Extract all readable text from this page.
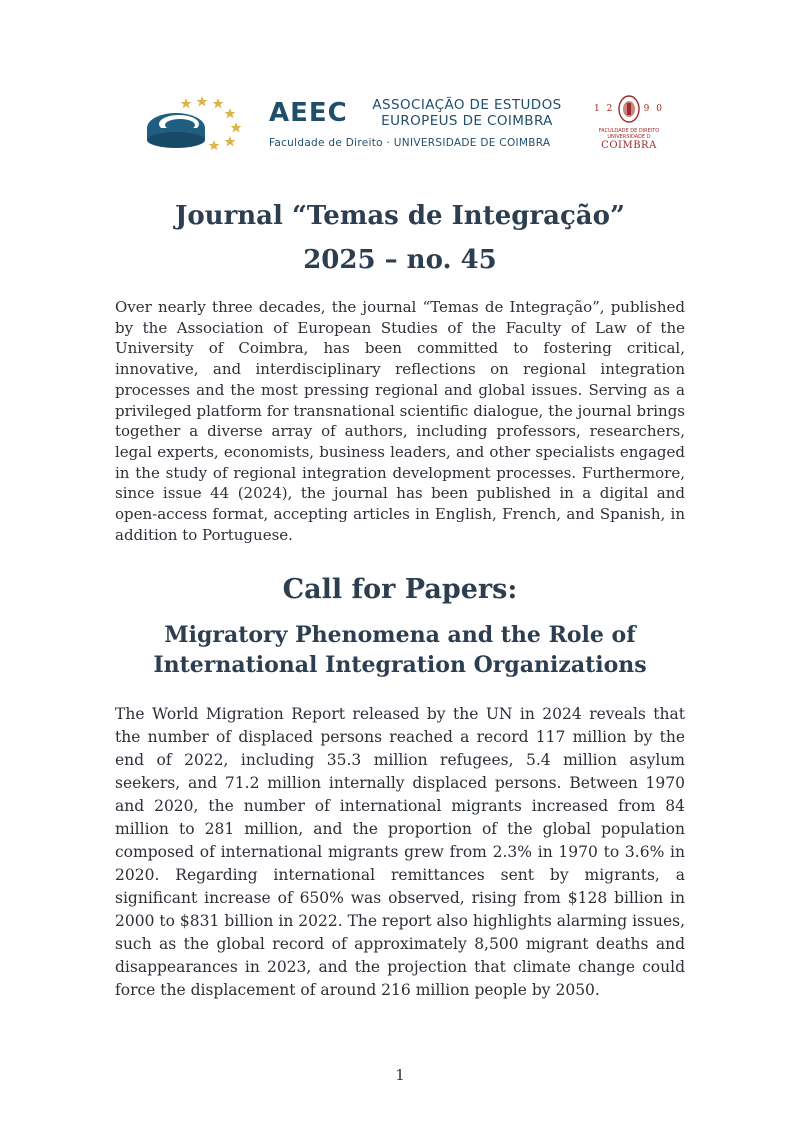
AEEC ASSOCIAÇÃO DE ESTUDOS
EUROPEUS DE COIMBRA
Faculdade de Direito · UNIVERSIDADE DE COIMBRA
1 2	9 0
FACULDADE DE DIREITO
UNIVERSIDADE D
COIMBRA
Journal “Temas de Integração”
2025 – no. 45

Over nearly three decades, the journal “Temas de Integração”, published by the Association of European Studies of the Faculty of Law of the University of Coimbra, has been committed to fostering critical, innovative, and interdisciplinary reflections on regional integration processes and the most pressing regional and global issues. Serving as a privileged platform for transnational scientific dialogue, the journal brings together a diverse array of authors, including professors, researchers, legal experts, economists, business leaders, and other specialists engaged in the study of regional integration development processes. Furthermore, since issue 44 (2024), the journal has been published in a digital and open-access format, accepting articles in English, French, and Spanish, in addition to Portuguese.

Call for Papers:
Migratory Phenomena and the Role of
International Integration Organizations

The World Migration Report released by the UN in 2024 reveals that the number of displaced persons reached a record 117 million by the end of 2022, including 35.3 million refugees, 5.4 million asylum seekers, and 71.2 million internally displaced persons. Between 1970 and 2020, the number of international migrants increased from 84 million to 281 million, and the proportion of the global population composed of international migrants grew from 2.3% in 1970 to 3.6% in 2020. Regarding international remittances sent by migrants, a significant increase of 650% was observed, rising from $128 billion in 2000 to $831 billion in 2022. The report also highlights alarming issues, such as the global record of approximately 8,500 migrant deaths and disappearances in 2023, and the projection that climate change could force the displacement of around 216 million people by 2050.

1
